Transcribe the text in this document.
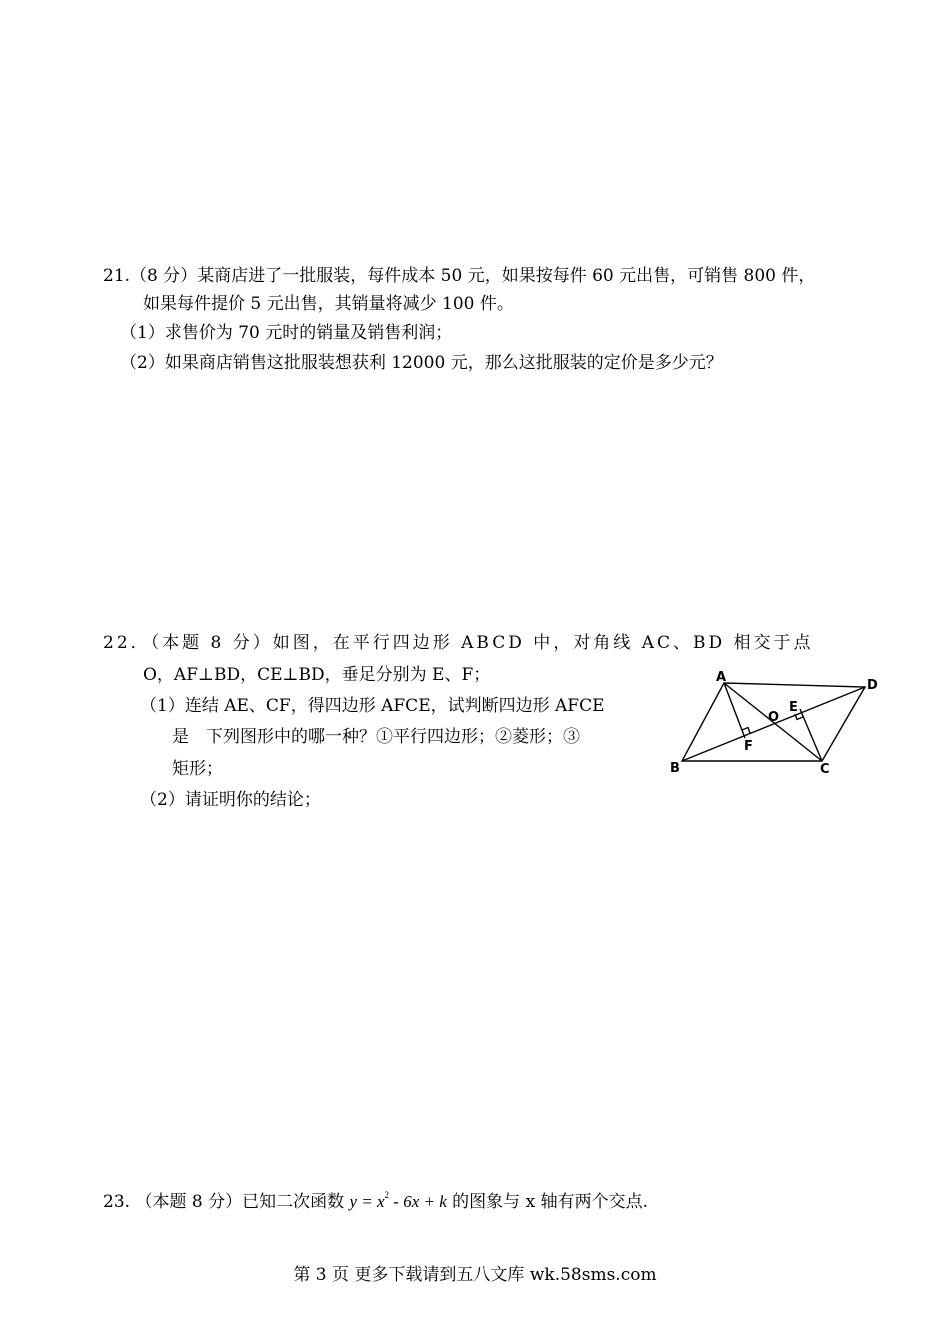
21.（8 分）某商店进了一批服装，每件成本 50 元，如果按每件 60 元出售，可销售 800 件，
如果每件提价 5 元出售，其销量将减少 100 件。
（1）求售价为 70 元时的销量及销售利润；
（2）如果商店销售这批服装想获利 12000 元，那么这批服装的定价是多少元？
22．（本题 8 分）如图，在平行四边形 ABCD 中，对角线 AC、BD 相交于点
O，AF⊥BD，CE⊥BD，垂足分别为 E、F；
（1）连结 AE、CF，得四边形 AFCE，试判断四边形 AFCE
是　下列图形中的哪一种？①平行四边形；②菱形；③
矩形；
（2）请证明你的结论；
A
D
B	C
O
E
F
23. （本题 8 分）已知二次函数 $y = x^2 - 6x + k$ 的图象与 x 轴有两个交点.
第 3 页 更多下载请到五八文库 wk.58sms.com
